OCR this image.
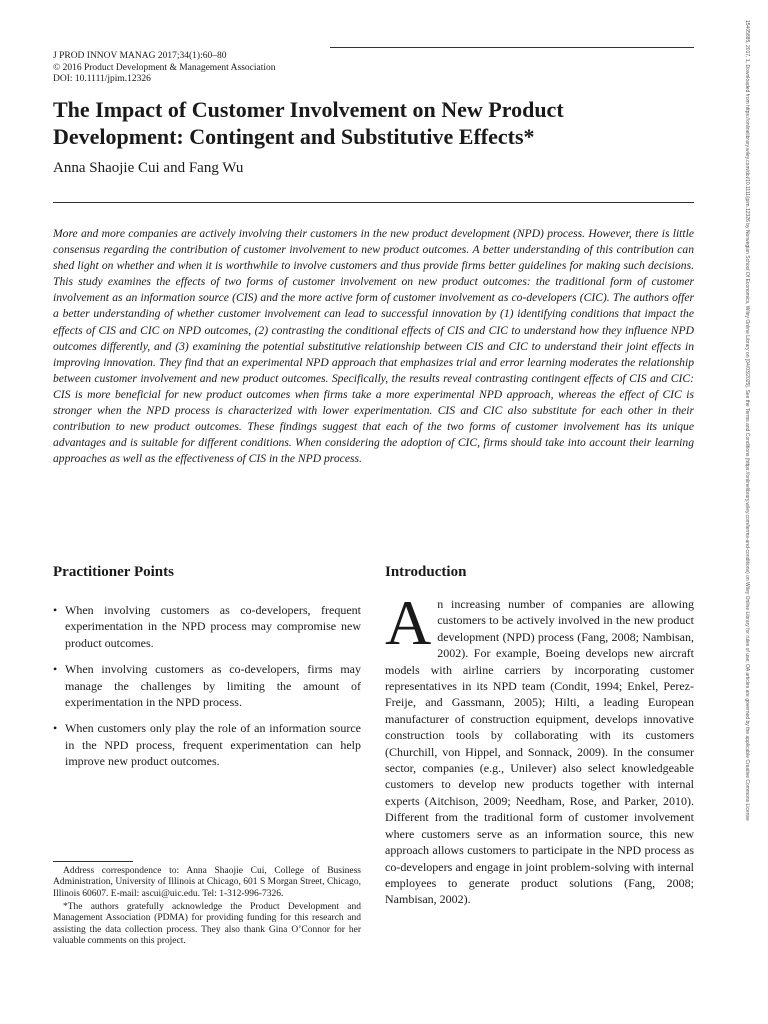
J PROD INNOV MANAG 2017;34(1):60–80
© 2016 Product Development & Management Association
DOI: 10.1111/jpim.12326
The Impact of Customer Involvement on New Product Development: Contingent and Substitutive Effects*
Anna Shaojie Cui and Fang Wu

More and more companies are actively involving their customers in the new product development (NPD) process. However, there is little consensus regarding the contribution of customer involvement to new product outcomes. A better understanding of this contribution can shed light on whether and when it is worthwhile to involve customers and thus provide firms better guidelines for making such decisions. This study examines the effects of two forms of customer involvement on new product outcomes: the traditional form of customer involvement as an information source (CIS) and the more active form of customer involvement as co-developers (CIC). The authors offer a better understanding of whether customer involvement can lead to successful innovation by (1) identifying conditions that impact the effects of CIS and CIC on NPD outcomes, (2) contrasting the conditional effects of CIS and CIC to understand how they influence NPD outcomes differently, and (3) examining the potential substitutive relationship between CIS and CIC to understand their joint effects in improving innovation. They find that an experimental NPD approach that emphasizes trial and error learning moderates the relationship between customer involvement and new product outcomes. Specifically, the results reveal contrasting contingent effects of CIS and CIC: CIS is more beneficial for new product outcomes when firms take a more experimental NPD approach, whereas the effect of CIC is stronger when the NPD process is characterized with lower experimentation. CIS and CIC also substitute for each other in their contribution to new product outcomes. These findings suggest that each of the two forms of customer involvement has its unique advantages and is suitable for different conditions. When considering the adoption of CIC, firms should take into account their learning approaches as well as the effectiveness of CIS in the NPD process.

Practitioner Points
• When involving customers as co-developers, frequent experimentation in the NPD process may compromise new product outcomes.
• When involving customers as co-developers, firms may manage the challenges by limiting the amount of experimentation in the NPD process.
• When customers only play the role of an information source in the NPD process, frequent experimentation can help improve new product outcomes.
Introduction
A n increasing number of companies are allowing customers to be actively involved in the new product development (NPD) process (Fang, 2008; Nambisan, 2002). For example, Boeing develops new aircraft models with airline carriers by incorporating customer representatives in its NPD team (Condit, 1994; Enkel, Perez-Freije, and Gassmann, 2005); Hilti, a leading European manufacturer of construction equipment, develops innovative construction tools by collaborating with its customers (Churchill, von Hippel, and Sonnack, 2009). In the consumer sector, companies (e.g., Unilever) also select knowledgeable customers to develop new products together with internal experts (Aitchison, 2009; Needham, Rose, and Parker, 2010). Different from the traditional form of customer involvement where customers serve as an information source, this new approach allows customers to participate in the NPD process as co-developers and engage in joint problem-solving with internal employees to generate product solutions (Fang, 2008; Nambisan, 2002).

Address correspondence to: Anna Shaojie Cui, College of Business Administration, University of Illinois at Chicago, 601 S Morgan Street, Chicago, Illinois 60607. E-mail: ascui@uic.edu. Tel: 1-312-996-7326.

*The authors gratefully acknowledge the Product Development and Management Association (PDMA) for providing funding for this research and assisting the data collection process. They also thank Gina O’Connor for her valuable comments on this project.

15405885, 2017, 1, Downloaded from https://onlinelibrary.wiley.com/doi/10.1111/jpim.12326 by Norwegian School Of Economics, Wiley Online Library on [04/03/2025]. See the Terms and Conditions (https://onlinelibrary.wiley.com/terms-and-conditions) on Wiley Online Library for rules of use; OA articles are governed by the applicable Creative Commons License
